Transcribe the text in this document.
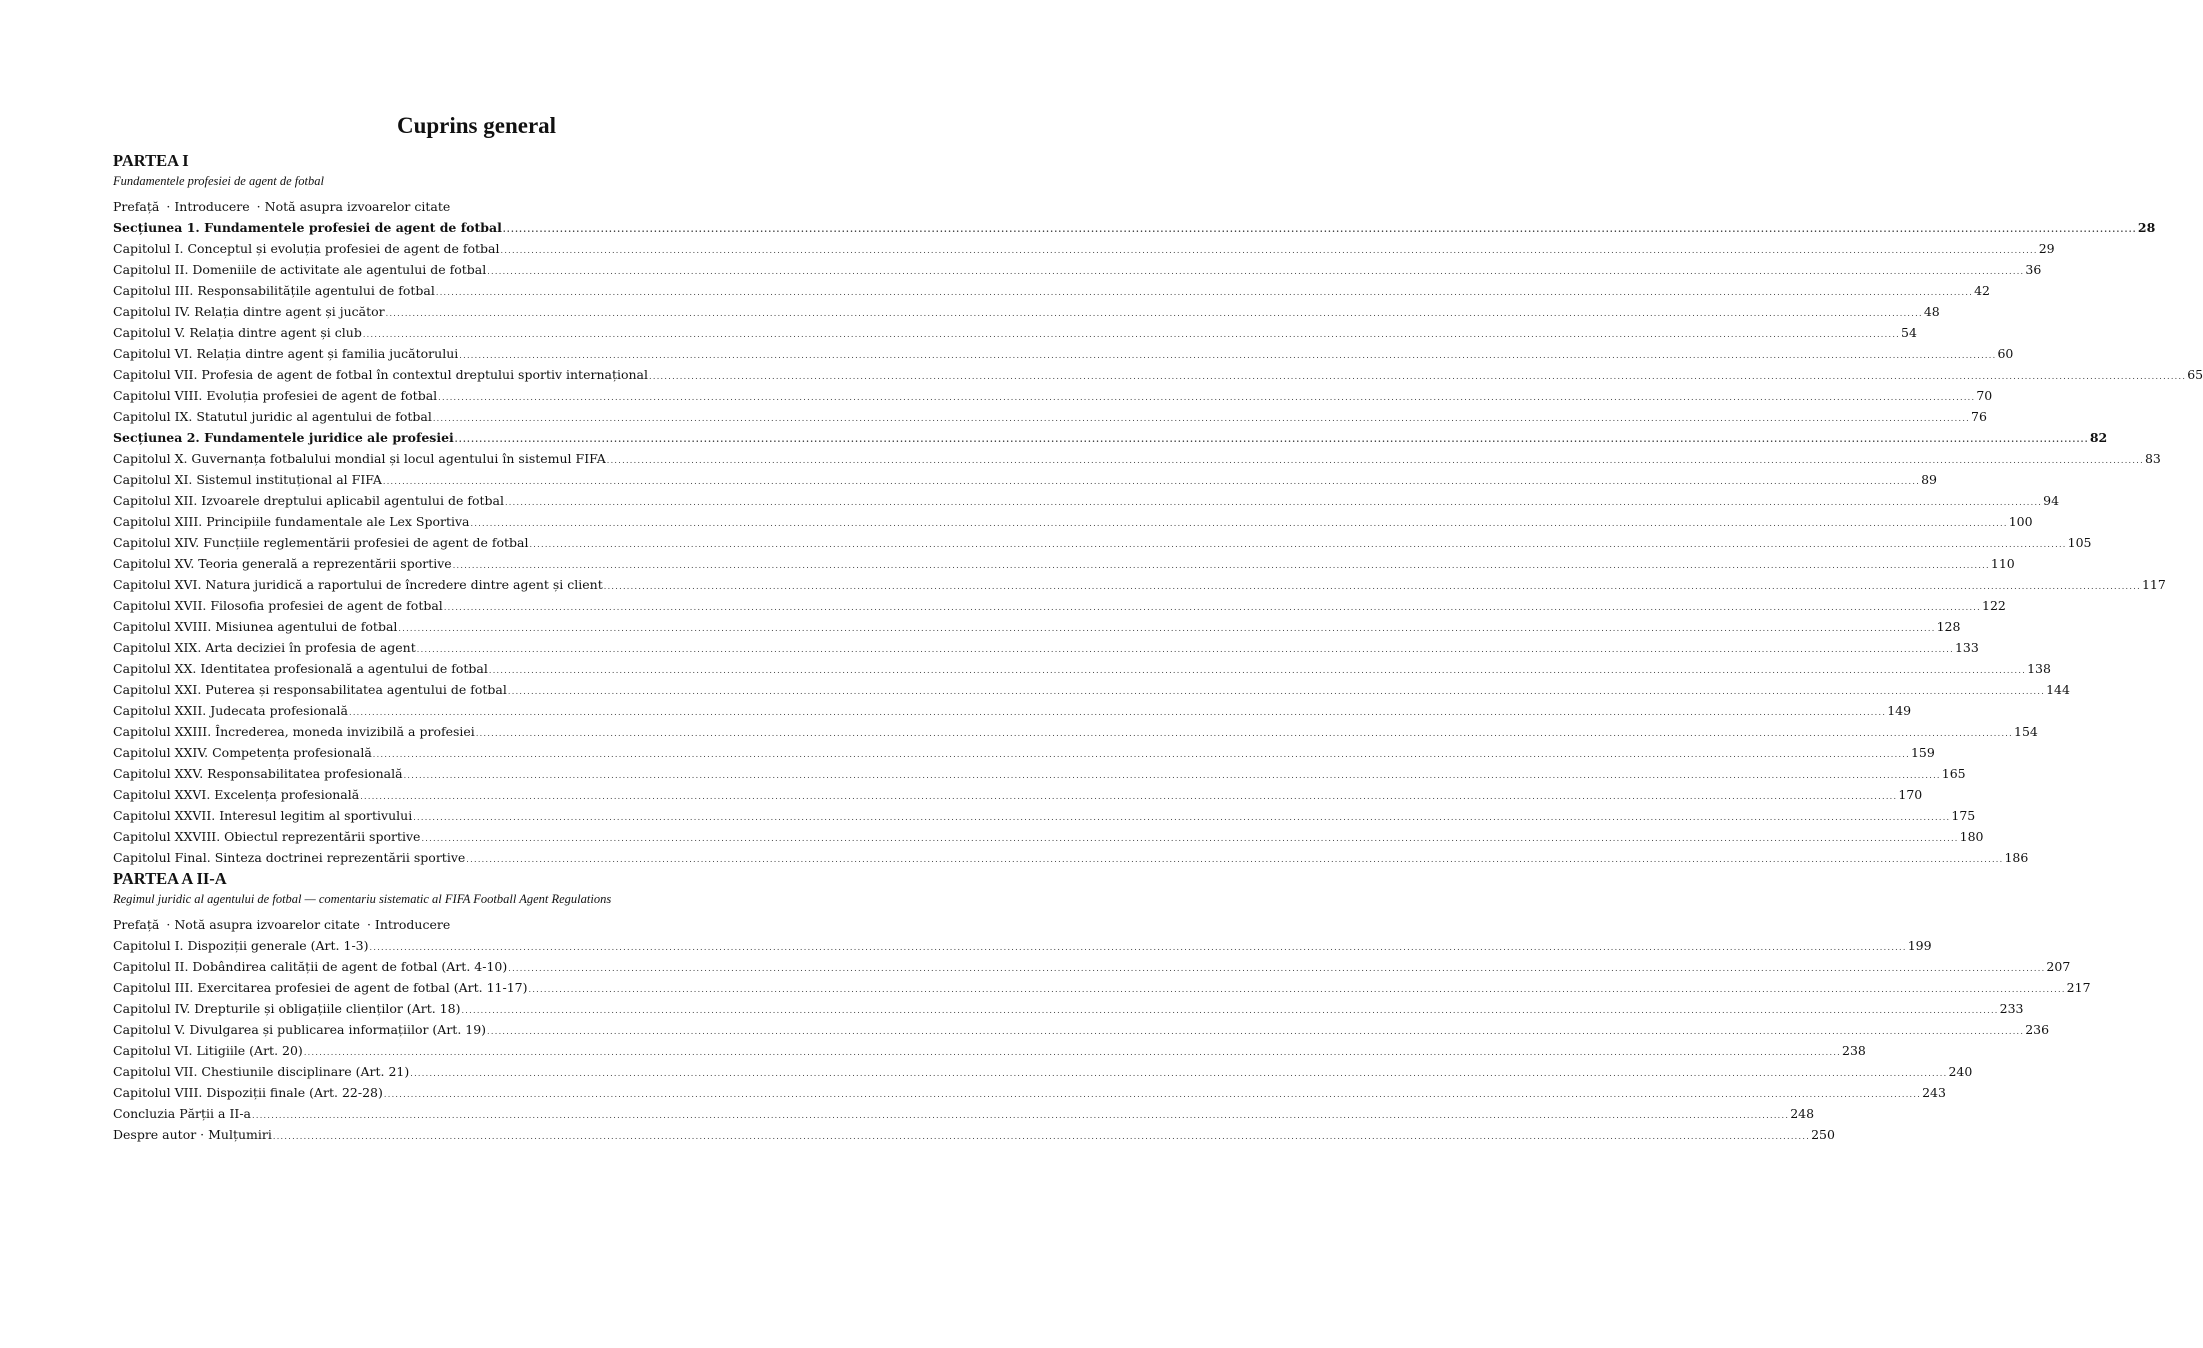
Cuprins general
PARTEA I
Fundamentele profesiei de agent de fotbal
Prefață · Introducere · Notă asupra izvoarelor citate
Secțiunea 1. Fundamentele profesiei de agent de fotbal ................................................................................................................................................................................................................................................................................................................................................................................................................ 28
Capitolul I. Conceptul și evoluția profesiei de agent de fotbal ................................................................................................................................................................................................................................................................................................................................................................................................................ 29
Capitolul II. Domeniile de activitate ale agentului de fotbal ................................................................................................................................................................................................................................................................................................................................................................................................................ 36
Capitolul III. Responsabilitățile agentului de fotbal ................................................................................................................................................................................................................................................................................................................................................................................................................ 42
Capitolul IV. Relația dintre agent și jucător ................................................................................................................................................................................................................................................................................................................................................................................................................ 48
Capitolul V. Relația dintre agent și club ................................................................................................................................................................................................................................................................................................................................................................................................................ 54
Capitolul VI. Relația dintre agent și familia jucătorului ................................................................................................................................................................................................................................................................................................................................................................................................................ 60
Capitolul VII. Profesia de agent de fotbal în contextul dreptului sportiv internațional ................................................................................................................................................................................................................................................................................................................................................................................................................ 65
Capitolul VIII. Evoluția profesiei de agent de fotbal ................................................................................................................................................................................................................................................................................................................................................................................................................ 70
Capitolul IX. Statutul juridic al agentului de fotbal ................................................................................................................................................................................................................................................................................................................................................................................................................ 76
Secțiunea 2. Fundamentele juridice ale profesiei ................................................................................................................................................................................................................................................................................................................................................................................................................ 82
Capitolul X. Guvernanța fotbalului mondial și locul agentului în sistemul FIFA ................................................................................................................................................................................................................................................................................................................................................................................................................ 83
Capitolul XI. Sistemul instituțional al FIFA ................................................................................................................................................................................................................................................................................................................................................................................................................ 89
Capitolul XII. Izvoarele dreptului aplicabil agentului de fotbal ................................................................................................................................................................................................................................................................................................................................................................................................................ 94
Capitolul XIII. Principiile fundamentale ale Lex Sportiva ................................................................................................................................................................................................................................................................................................................................................................................................................ 100
Capitolul XIV. Funcțiile reglementării profesiei de agent de fotbal ................................................................................................................................................................................................................................................................................................................................................................................................................ 105
Capitolul XV. Teoria generală a reprezentării sportive ................................................................................................................................................................................................................................................................................................................................................................................................................ 110
Capitolul XVI. Natura juridică a raportului de încredere dintre agent și client ................................................................................................................................................................................................................................................................................................................................................................................................................ 117
Capitolul XVII. Filosofia profesiei de agent de fotbal ................................................................................................................................................................................................................................................................................................................................................................................................................ 122
Capitolul XVIII. Misiunea agentului de fotbal ................................................................................................................................................................................................................................................................................................................................................................................................................ 128
Capitolul XIX. Arta deciziei în profesia de agent ................................................................................................................................................................................................................................................................................................................................................................................................................ 133
Capitolul XX. Identitatea profesională a agentului de fotbal ................................................................................................................................................................................................................................................................................................................................................................................................................ 138
Capitolul XXI. Puterea și responsabilitatea agentului de fotbal ................................................................................................................................................................................................................................................................................................................................................................................................................ 144
Capitolul XXII. Judecata profesională ................................................................................................................................................................................................................................................................................................................................................................................................................ 149
Capitolul XXIII. Încrederea, moneda invizibilă a profesiei ................................................................................................................................................................................................................................................................................................................................................................................................................ 154
Capitolul XXIV. Competența profesională ................................................................................................................................................................................................................................................................................................................................................................................................................ 159
Capitolul XXV. Responsabilitatea profesională ................................................................................................................................................................................................................................................................................................................................................................................................................ 165
Capitolul XXVI. Excelența profesională ................................................................................................................................................................................................................................................................................................................................................................................................................ 170
Capitolul XXVII. Interesul legitim al sportivului ................................................................................................................................................................................................................................................................................................................................................................................................................ 175
Capitolul XXVIII. Obiectul reprezentării sportive ................................................................................................................................................................................................................................................................................................................................................................................................................ 180
Capitolul Final. Sinteza doctrinei reprezentării sportive ................................................................................................................................................................................................................................................................................................................................................................................................................ 186
PARTEA A II-A
Regimul juridic al agentului de fotbal — comentariu sistematic al FIFA Football Agent Regulations
Prefață · Notă asupra izvoarelor citate · Introducere
Capitolul I. Dispoziții generale (Art. 1-3) ................................................................................................................................................................................................................................................................................................................................................................................................................ 199
Capitolul II. Dobândirea calității de agent de fotbal (Art. 4-10) ................................................................................................................................................................................................................................................................................................................................................................................................................ 207
Capitolul III. Exercitarea profesiei de agent de fotbal (Art. 11-17) ................................................................................................................................................................................................................................................................................................................................................................................................................ 217
Capitolul IV. Drepturile și obligațiile clienților (Art. 18) ................................................................................................................................................................................................................................................................................................................................................................................................................ 233
Capitolul V. Divulgarea și publicarea informațiilor (Art. 19) ................................................................................................................................................................................................................................................................................................................................................................................................................ 236
Capitolul VI. Litigiile (Art. 20) ................................................................................................................................................................................................................................................................................................................................................................................................................ 238
Capitolul VII. Chestiunile disciplinare (Art. 21) ................................................................................................................................................................................................................................................................................................................................................................................................................ 240
Capitolul VIII. Dispoziții finale (Art. 22-28) ................................................................................................................................................................................................................................................................................................................................................................................................................ 243
Concluzia Părții a II-a ................................................................................................................................................................................................................................................................................................................................................................................................................ 248
Despre autor · Mulțumiri ................................................................................................................................................................................................................................................................................................................................................................................................................ 250
